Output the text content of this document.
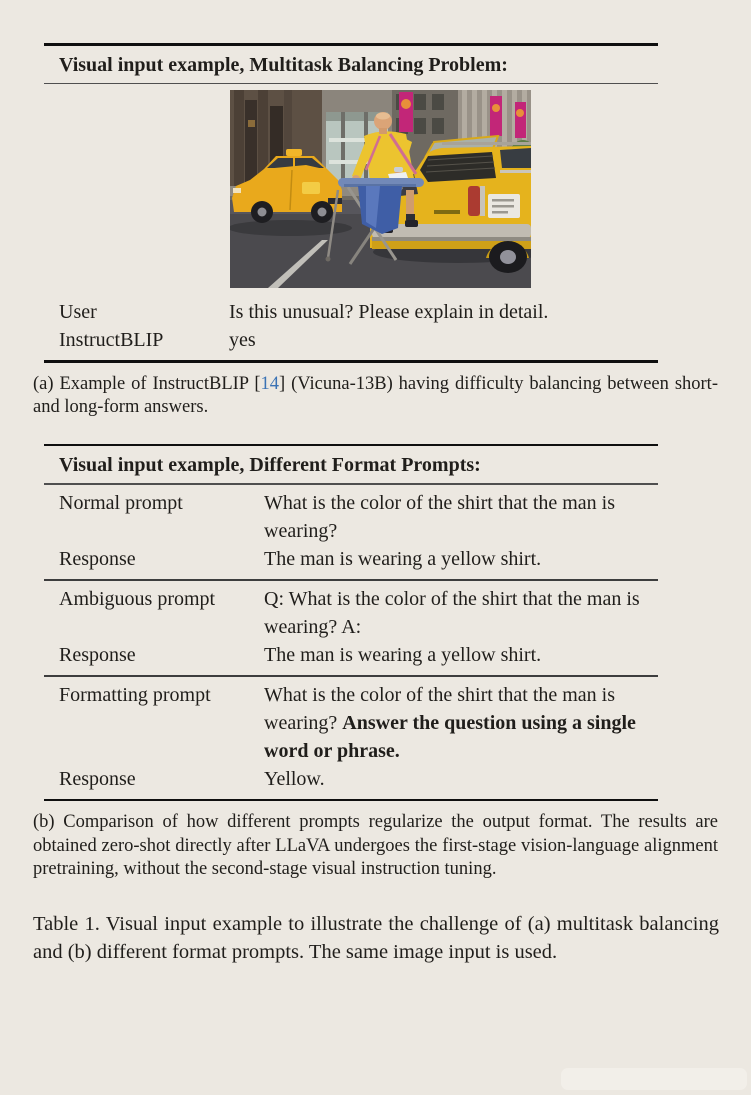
Visual input example, Multitask Balancing Problem:
User	Is this unusual? Please explain in detail.
InstructBLIP	yes

(a) Example of InstructBLIP [14] (Vicuna-13B) having difficulty balancing between short- and long-form answers.

Visual input example, Different Format Prompts:
Normal prompt	What is the color of the shirt that the man is wearing?
Response	The man is wearing a yellow shirt.
Ambiguous prompt	Q: What is the color of the shirt that the man is wearing? A:
Response	The man is wearing a yellow shirt.
Formatting prompt	What is the color of the shirt that the man is wearing? Answer the question using a single word or phrase.
Response	Yellow.

(b) Comparison of how different prompts regularize the output format. The results are obtained zero-shot directly after LLaVA undergoes the first-stage vision-language alignment pretraining, without the second-stage visual instruction tuning.

Table 1. Visual input example to illustrate the challenge of (a) multitask balancing and (b) different format prompts. The same image input is used.
